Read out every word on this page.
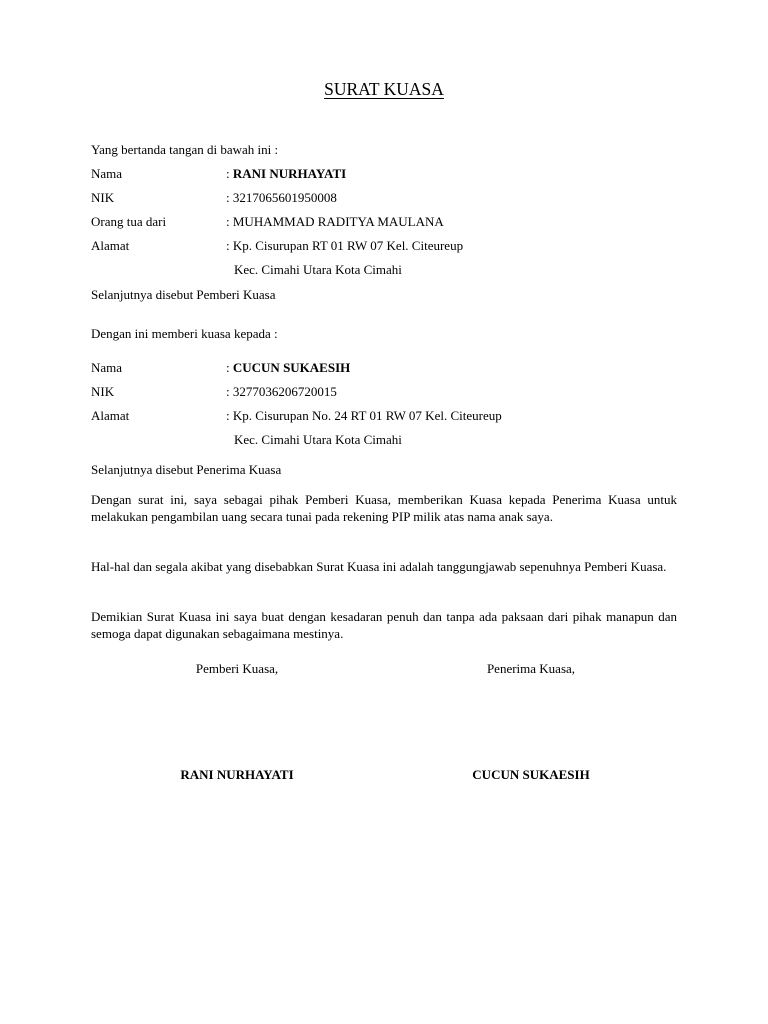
SURAT KUASA
Yang bertanda tangan di bawah ini :
Nama	: RANI NURHAYATI
NIK	: 3217065601950008
Orang tua dari	: MUHAMMAD RADITYA MAULANA
Alamat	: Kp. Cisurupan RT 01 RW 07 Kel. Citeureup
Kec. Cimahi Utara Kota Cimahi
Selanjutnya disebut Pemberi Kuasa
Dengan ini memberi kuasa kepada :
Nama	: CUCUN SUKAESIH
NIK	: 3277036206720015
Alamat	: Kp. Cisurupan No. 24 RT 01 RW 07 Kel. Citeureup
Kec. Cimahi Utara Kota Cimahi
Selanjutnya disebut Penerima Kuasa
Dengan surat ini, saya sebagai pihak Pemberi Kuasa, memberikan Kuasa kepada Penerima Kuasa untuk melakukan pengambilan uang secara tunai pada rekening PIP milik atas nama anak saya.
Hal-hal dan segala akibat yang disebabkan Surat Kuasa ini adalah tanggungjawab sepenuhnya Pemberi Kuasa.
Demikian Surat Kuasa ini saya buat dengan kesadaran penuh dan tanpa ada paksaan dari pihak manapun dan semoga dapat digunakan sebagaimana mestinya.
Pemberi Kuasa,	Penerima Kuasa,
RANI NURHAYATI	CUCUN SUKAESIH
